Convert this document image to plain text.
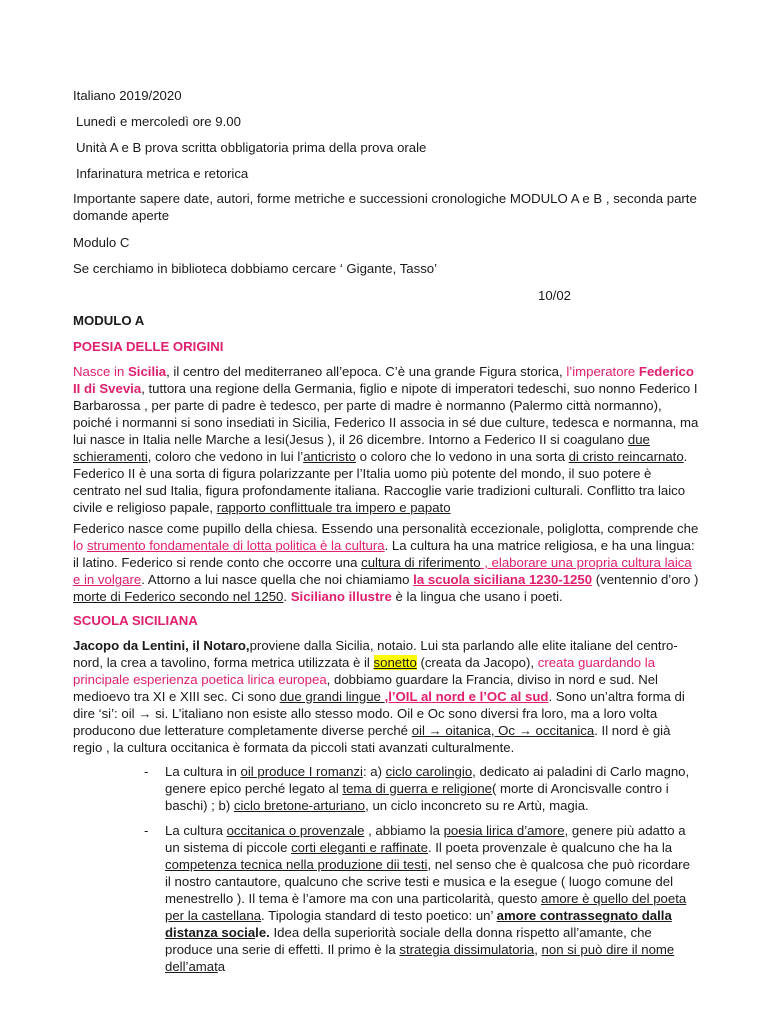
Italiano 2019/2020
Lunedì e mercoledì ore 9.00
Unità A e B prova scritta obbligatoria prima della prova orale
Infarinatura metrica e retorica
Importante sapere date, autori, forme metriche e successioni cronologiche MODULO A e B , seconda parte domande aperte
Modulo C
Se cerchiamo in biblioteca dobbiamo cercare ‘ Gigante, Tasso’
10/02
MODULO A
POESIA DELLE ORIGINI
Nasce in Sicilia, il centro del mediterraneo all’epoca. C’è una grande Figura storica, l’imperatore Federico II di Svevia, tuttora una regione della Germania, figlio e nipote di imperatori tedeschi, suo nonno Federico I Barbarossa , per parte di padre è tedesco, per parte di madre è normanno (Palermo città normanno), poiché i normanni si sono insediati in Sicilia, Federico II associa in sé due culture, tedesca e normanna, ma lui nasce in Italia nelle Marche a Iesi(Jesus ), il 26 dicembre. Intorno a Federico II si coagulano due schieramenti, coloro che vedono in lui l’anticristo o coloro che lo vedono in una sorta di cristo reincarnato. Federico II è una sorta di figura polarizzante per l’Italia uomo più potente del mondo, il suo potere è centrato nel sud Italia, figura profondamente italiana. Raccoglie varie tradizioni culturali. Conflitto tra laico civile e religioso papale, rapporto conflittuale tra impero e papato
Federico nasce come pupillo della chiesa. Essendo una personalità eccezionale, poliglotta, comprende che lo strumento fondamentale di lotta politica è la cultura. La cultura ha una matrice religiosa, e ha una lingua: il latino. Federico si rende conto che occorre una cultura di riferimento , elaborare una propria cultura laica e in volgare. Attorno a lui nasce quella che noi chiamiamo la scuola siciliana 1230-1250 (ventennio d’oro ) morte di Federico secondo nel 1250. Siciliano illustre è la lingua che usano i poeti.
SCUOLA SICILIANA
Jacopo da Lentini, il Notaro,proviene dalla Sicilia, notaio. Lui sta parlando alle elite italiane del centro-nord, la crea a tavolino, forma metrica utilizzata è il sonetto (creata da Jacopo), creata guardando la principale esperienza poetica lirica europea, dobbiamo guardare la Francia, diviso in nord e sud. Nel medioevo tra XI e XIII sec. Ci sono due grandi lingue ,l’OIL al nord e l’OC al sud. Sono un’altra forma di dire ‘si’: oil → si. L’italiano non esiste allo stesso modo. Oil e Oc sono diversi fra loro, ma a loro volta producono due letterature completamente diverse perché oil → oitanica, Oc → occitanica. Il nord è già regio , la cultura occitanica è formata da piccoli stati avanzati culturalmente.
- La cultura in oil produce I romanzi: a) ciclo carolingio, dedicato ai paladini di Carlo magno, genere epico perché legato al tema di guerra e religione( morte di Aroncisvalle contro i baschi) ; b) ciclo bretone-arturiano, un ciclo inconcreto su re Artù, magia.
- La cultura occitanica o provenzale , abbiamo la poesia lirica d’amore, genere più adatto a un sistema di piccole corti eleganti e raffinate. Il poeta provenzale è qualcuno che ha la competenza tecnica nella produzione dii testi, nel senso che è qualcosa che può ricordare il nostro cantautore, qualcuno che scrive testi e musica e la esegue ( luogo comune del menestrello ). Il tema è l’amore ma con una particolarità, questo amore è quello del poeta per la castellana. Tipologia standard di testo poetico: un’ amore contrassegnato dalla distanza sociale. Idea della superiorità sociale della donna rispetto all’amante, che produce una serie di effetti. Il primo è la strategia dissimulatoria, non si può dire il nome dell’amata
